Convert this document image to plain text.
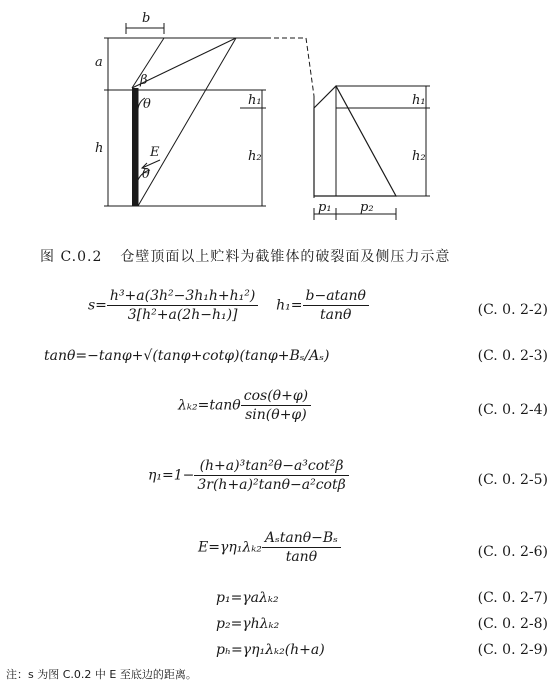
b
a
h
β
θ
θ
E
h₁
h₂
h₁
h₂
p₁ p₂
图 C.0.2 仓壁顶面以上贮料为截锥体的破裂面及侧压力示意
$s= \frac{\text{h³+a(3h²−3h₁h+h₁²)}}{\text{3[h²+a(2h−h₁)]}} h_1= \frac{b-atan\theta}{\tan\theta}$	(C. 0. 2-2)
tanθ=−tanφ+√(tanφ+cotφ)(tanφ+Bₛ/Aₛ)	(C. 0. 2-3)
$\lambda_{k2}=\tan\theta \frac{\cos(\theta+\varphi)}{\sin(\theta+\varphi)}$	(C. 0. 2-4)
$\eta_1=1- \frac{\text{(h+a)³tan²θ−a³cot²β}}{\text{3r(h+a)²tanθ−a²cotβ}}$	(C. 0. 2-5)
$E=\gamma\eta_1\lambda_{k2} \frac{\text{Aₛtanθ−Bₛ}}{\tan\theta}$	(C. 0. 2-6)
p₁=γaλₖ₂	(C. 0. 2-7)
p₂=γhλₖ₂	(C. 0. 2-8)
pₕ=γη₁λₖ₂(h+a)	(C. 0. 2-9)
注：s 为图 C.0.2 中 E 至底边的距离。
